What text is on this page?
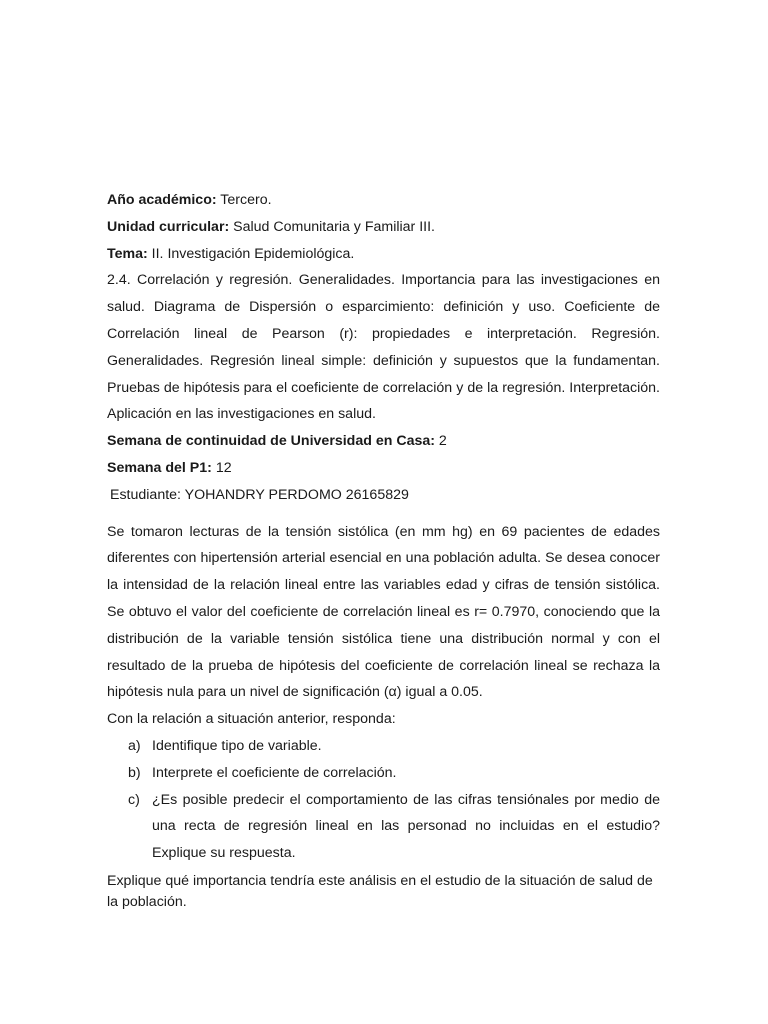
Año académico: Tercero.
Unidad curricular: Salud Comunitaria y Familiar III.
Tema: II. Investigación Epidemiológica.
2.4. Correlación y regresión. Generalidades. Importancia para las investigaciones en salud. Diagrama de Dispersión o esparcimiento: definición y uso. Coeficiente de Correlación lineal de Pearson (r): propiedades e interpretación. Regresión. Generalidades. Regresión lineal simple: definición y supuestos que la fundamentan. Pruebas de hipótesis para el coeficiente de correlación y de la regresión. Interpretación. Aplicación en las investigaciones en salud.
Semana de continuidad de Universidad en Casa: 2
Semana del P1: 12
Estudiante: YOHANDRY PERDOMO 26165829
Se tomaron lecturas de la tensión sistólica (en mm hg) en 69 pacientes de edades diferentes con hipertensión arterial esencial en una población adulta. Se desea conocer la intensidad de la relación lineal entre las variables edad y cifras de tensión sistólica. Se obtuvo el valor del coeficiente de correlación lineal es r= 0.7970, conociendo que la distribución de la variable tensión sistólica tiene una distribución normal y con el resultado de la prueba de hipótesis del coeficiente de correlación lineal se rechaza la hipótesis nula para un nivel de significación (α) igual a 0.05.
Con la relación a situación anterior, responda:
a) Identifique tipo de variable.
b) Interprete el coeficiente de correlación.
c) ¿Es posible predecir el comportamiento de las cifras tensiónales por medio de una recta de regresión lineal en las personad no incluidas en el estudio? Explique su respuesta.
Explique qué importancia tendría este análisis en el estudio de la situación de salud de la población.
